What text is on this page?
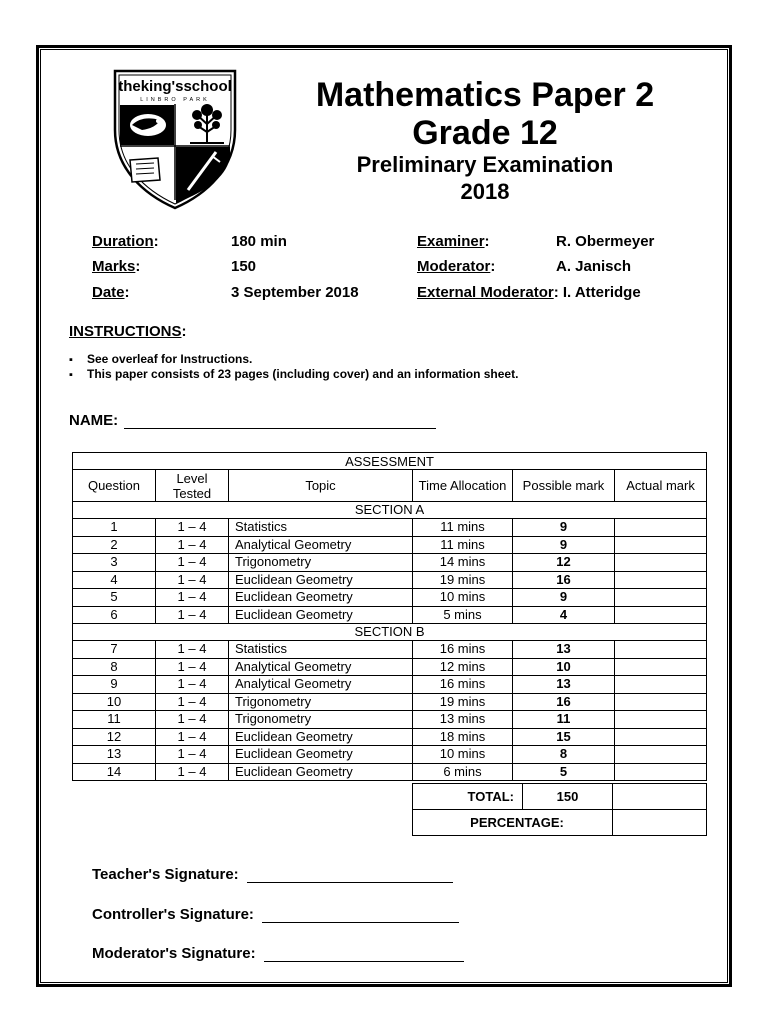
theking'sschool
LINBRO PARK	Mathematics Paper 2
Grade 12
Preliminary Examination
2018
Duration:	180 min
Marks:	150
Date:	3 September 2018
Examiner:	R. Obermeyer
Moderator:	A. Janisch
External Moderator: I. Atteridge
INSTRUCTIONS:
▪ See overleaf for Instructions.
▪ This paper consists of 23 pages (including cover) and an information sheet.
NAME:
ASSESSMENT					
Question	Level Tested	Topic	Time Allocation	Possible mark	Actual mark
SECTION A					
1	1 – 4	Statistics	11 mins	9	
2	1 – 4	Analytical Geometry	11 mins	9	
3	1 – 4	Trigonometry	14 mins	12	
4	1 – 4	Euclidean Geometry	19 mins	16	
5	1 – 4	Euclidean Geometry	10 mins	9	
6	1 – 4	Euclidean Geometry	5 mins	4	
SECTION B					
7	1 – 4	Statistics	16 mins	13	
8	1 – 4	Analytical Geometry	12 mins	10	
9	1 – 4	Analytical Geometry	16 mins	13	
10	1 – 4	Trigonometry	19 mins	16	
11	1 – 4	Trigonometry	13 mins	11	
12	1 – 4	Euclidean Geometry	18 mins	15	
13	1 – 4	Euclidean Geometry	10 mins	8	
14	1 – 4	Euclidean Geometry	6 mins	5	
TOTAL:	150	
PERCENTAGE:		
Teacher's Signature:
Controller's Signature:
Moderator's Signature:
